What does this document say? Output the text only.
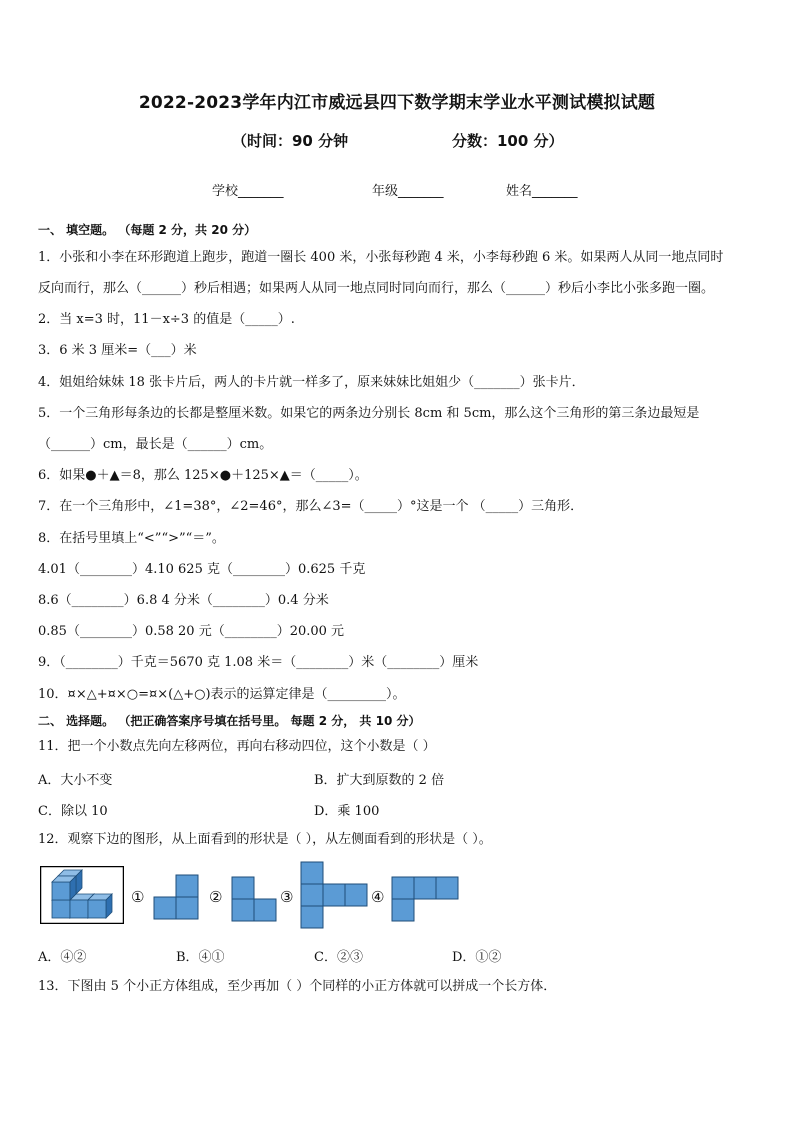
2022-2023学年内江市威远县四下数学期末学业水平测试模拟试题
（时间：90 分钟	分数：100 分）
学校_______	年级_______	姓名_______
一、 填空题。 （每题 2 分，共 20 分）
1．小张和小李在环形跑道上跑步，跑道一圈长 400 米，小张每秒跑 4 米，小李每秒跑 6 米。如果两人从同一地点同时
反向而行，那么（______）秒后相遇；如果两人从同一地点同时同向而行，那么（______）秒后小李比小张多跑一圈。
2．当 x=3 时，11－x÷3 的值是（_____）.
3．6 米 3 厘米=（___）米
4．姐姐给妹妹 18 张卡片后，两人的卡片就一样多了，原来妹妹比姐姐少（_______）张卡片．
5．一个三角形每条边的长都是整厘米数。如果它的两条边分别长 8cm 和 5cm，那么这个三角形的第三条边最短是
（______）cm，最长是（______）cm。
6．如果●＋▲＝8，那么 125×●＋125×▲＝（_____）。
7．在一个三角形中，∠1=38°，∠2=46°，那么∠3=（_____）°这是一个 （_____）三角形．
8．在括号里填上“<”“>”“＝”。
4.01（________）4.10 625 克（________）0.625 千克
8.6（________）6.8 4 分米（________）0.4 分米
0.85（________）0.58 20 元（________）20.00 元
9．（________）千克＝5670 克 1.08 米＝（________）米（________）厘米
10．¤×△+¤×○=¤×(△+○)表示的运算定律是（_________）。
二、 选择题。 （把正确答案序号填在括号里。 每题 2 分， 共 10 分）
11．把一个小数点先向左移两位，再向右移动四位，这个小数是（ ）
A．大小不变	B．扩大到原数的 2 倍
C．除以 10	D．乘 100
12．观察下边的图形，从上面看到的形状是（ ），从左侧面看到的形状是（ ）。
①	②	③	④
A．④②	B．④①	C．②③	D．①②
13．下图由 5 个小正方体组成，至少再加（ ）个同样的小正方体就可以拼成一个长方体．
